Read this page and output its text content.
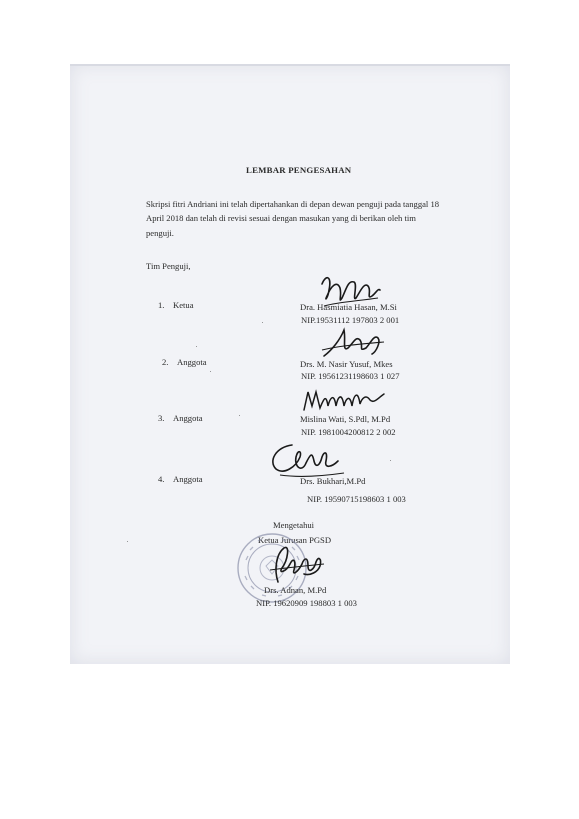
LEMBAR PENGESAHAN
Skripsi fitri Andriani ini telah dipertahankan di depan dewan penguji pada tanggal 18
April 2018 dan telah di revisi sesuai dengan masukan yang di berikan oleh tim
penguji.
Tim Penguji,
1. Ketua	Dra. Hasmiatia Hasan, M.Si
NIP.19531112 197803 2 001
2. Anggota	Drs. M. Nasir Yusuf, Mkes
NIP. 19561231198603 1 027
3. Anggota	Mislina Wati, S.Pdl, M.Pd
NIP. 1981004200812 2 002
4. Anggota	Drs. Bukhari,M.Pd
NIP. 19590715198603 1 003
Mengetahui
Ketua Jurusan PGSD
Drs. Adnan, M.Pd
NIP. 19620909 198803 1 003
